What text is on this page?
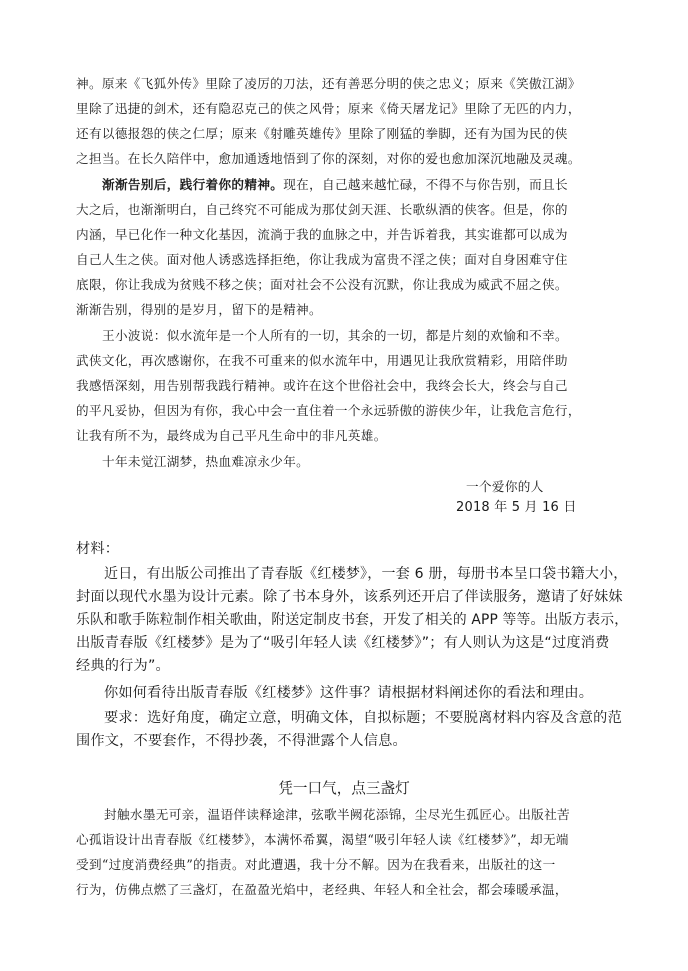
神。原来《飞狐外传》里除了凌厉的刀法，还有善恶分明的侠之忠义；原来《笑傲江湖》
里除了迅捷的剑术，还有隐忍克己的侠之风骨；原来《倚天屠龙记》里除了无匹的内力，
还有以德报怨的侠之仁厚；原来《射雕英雄传》里除了刚猛的拳脚，还有为国为民的侠
之担当。在长久陪伴中，愈加通透地悟到了你的深刻，对你的爱也愈加深沉地融及灵魂。
渐渐告别后，践行着你的精神。现在，自己越来越忙碌，不得不与你告别，而且长
大之后，也渐渐明白，自己终究不可能成为那仗剑天涯、长歌纵酒的侠客。但是，你的
内涵，早已化作一种文化基因，流淌于我的血脉之中，并告诉着我，其实谁都可以成为
自己人生之侠。面对他人诱惑选择拒绝，你让我成为富贵不淫之侠；面对自身困难守住
底限，你让我成为贫贱不移之侠；面对社会不公没有沉默，你让我成为威武不屈之侠。
渐渐告别，得别的是岁月，留下的是精神。
王小波说：似水流年是一个人所有的一切，其余的一切，都是片刻的欢愉和不幸。
武侠文化，再次感谢你，在我不可重来的似水流年中，用遇见让我欣赏精彩，用陪伴助
我感悟深刻，用告别帮我践行精神。或许在这个世俗社会中，我终会长大，终会与自己
的平凡妥协，但因为有你，我心中会一直住着一个永远骄傲的游侠少年，让我危言危行，
让我有所不为，最终成为自己平凡生命中的非凡英雄。
十年未觉江湖梦，热血难凉永少年。
一个爱你的人
2018 年 5 月 16 日
材料：
近日，有出版公司推出了青春版《红楼梦》，一套 6 册，每册书本呈口袋书籍大小，
封面以现代水墨为设计元素。除了书本身外，该系列还开启了伴读服务，邀请了好妹妹
乐队和歌手陈粒制作相关歌曲，附送定制皮书套，开发了相关的 APP 等等。出版方表示，
出版青春版《红楼梦》是为了“吸引年轻人读《红楼梦》”；有人则认为这是“过度消费
经典的行为”。
你如何看待出版青春版《红楼梦》这件事？请根据材料阐述你的看法和理由。
要求：选好角度，确定立意，明确文体，自拟标题；不要脱离材料内容及含意的范
围作文，不要套作，不得抄袭，不得泄露个人信息。
凭一口气，点三盏灯
封触水墨无可亲，温语伴读释途津，弦歌半阙花添锦，尘尽光生孤匠心。出版社苦
心孤诣设计出青春版《红楼梦》，本满怀希翼，渴望“吸引年轻人读《红楼梦》”，却无端
受到“过度消费经典”的指责。对此遭遇，我十分不解。因为在我看来，出版社的这一
行为，仿佛点燃了三盏灯，在盈盈光焰中，老经典、年轻人和全社会，都会瑧暖承温，
